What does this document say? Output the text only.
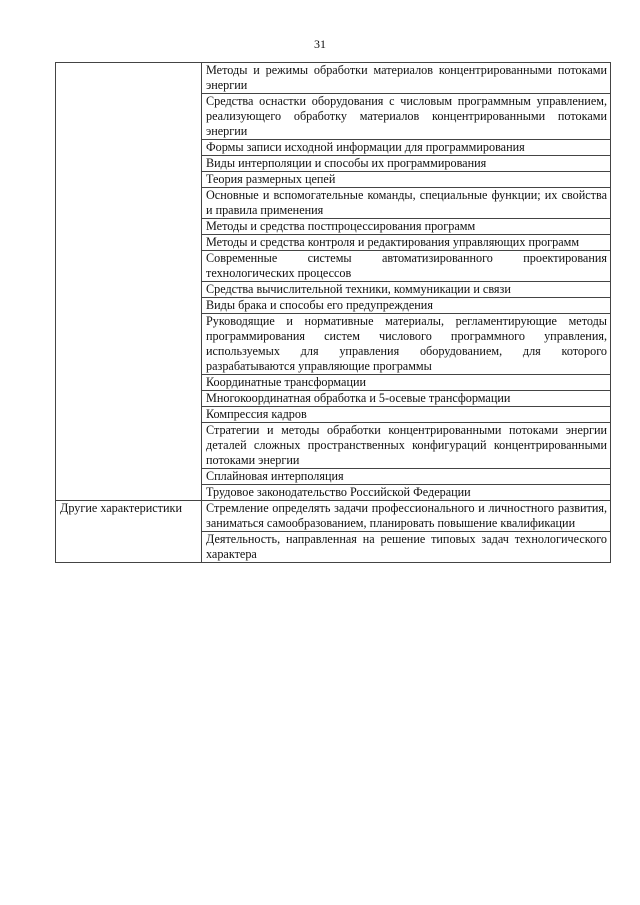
31
	Методы и режимы обработки материалов концентрированными потоками энергии
	Средства оснастки оборудования с числовым программным управлением, реализующего обработку материалов концентрированными потоками энергии
	Формы записи исходной информации для программирования
	Виды интерполяции и способы их программирования
	Теория размерных цепей
	Основные и вспомогательные команды, специальные функции; их свойства и правила применения
	Методы и средства постпроцессирования программ
	Методы и средства контроля и редактирования управляющих программ
	Современные системы автоматизированного проектирования технологических процессов
	Средства вычислительной техники, коммуникации и связи
	Виды брака и способы его предупреждения
	Руководящие и нормативные материалы, регламентирующие методы программирования систем числового программного управления, используемых для управления оборудованием, для которого разрабатываются управляющие программы
	Координатные трансформации
	Многокоординатная обработка и 5-осевые трансформации
	Компрессия кадров
	Стратегии и методы обработки концентрированными потоками энергии деталей сложных пространственных конфигураций концентрированными потоками энергии
	Сплайновая интерполяция
	Трудовое законодательство Российской Федерации
Другие характеристики	Стремление определять задачи профессионального и личностного развития, заниматься самообразованием, планировать повышение квалификации
	Деятельность, направленная на решение типовых задач технологического характера
